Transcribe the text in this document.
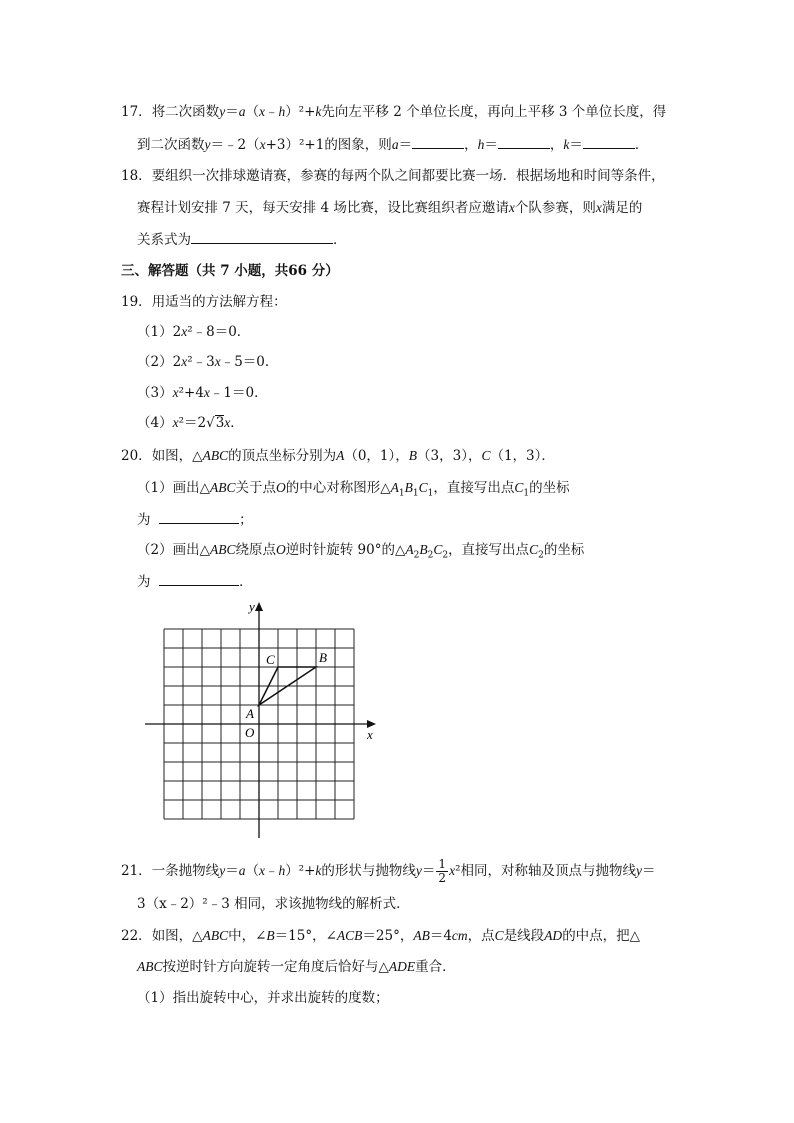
17．将二次函数y＝a（x﹣h）²+k先向左平移 2 个单位长度，再向上平移 3 个单位长度，得
到二次函数y＝﹣2（x+3）²+1的图象，则a＝	，h＝	，k＝	．
18．要组织一次排球邀请赛，参赛的每两个队之间都要比赛一场．根据场地和时间等条件，
赛程计划安排 7 天，每天安排 4 场比赛，设比赛组织者应邀请x个队参赛，则x满足的
关系式为	．
三、解答题（共 7 小题，共66 分）
19．用适当的方法解方程：
（1）2x²﹣8＝0．
（2）2x²﹣3x﹣5＝0．
（3）x²+4x﹣1＝0．
（4）x²＝2√3x．
20．如图，△ABC的顶点坐标分别为A（0，1），B（3，3），C（1，3）．
（1）画出△ABC关于点O的中心对称图形$\triangle A_1B_1C_1$，直接写出点$C_1$的坐标
为	；
（2）画出△ABC绕原点O逆时针旋转 90°的$\triangle A_2B_2C_2$，直接写出点$C_2$的坐标
为	．
x
y
O
A
B
C
21．一条抛物线y＝a（x﹣h）²+k的形状与抛物线$y= \frac{1}{2} x^2$相同，对称轴及顶点与抛物线y＝
3（x﹣2）²﹣3 相同，求该抛物线的解析式．
22．如图，△ABC中，∠B＝15°，∠ACB＝25°，AB＝4cm，点C是线段AD的中点，把△
ABC按逆时针方向旋转一定角度后恰好与△ADE重合．
（1）指出旋转中心，并求出旋转的度数；
